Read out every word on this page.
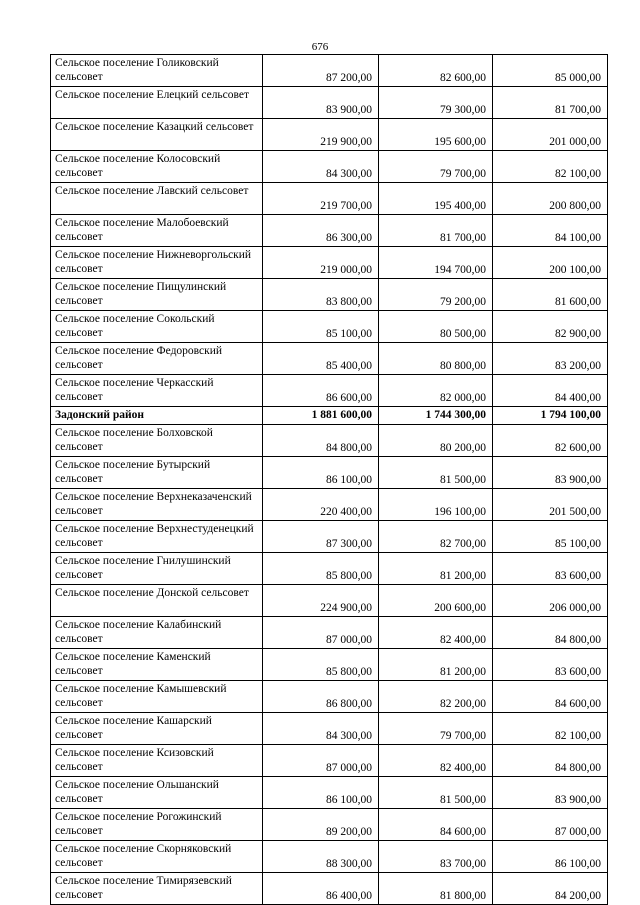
676
Сельское поселение Голиковский сельсовет	87 200,00	82 600,00	85 000,00
Сельское поселение Елецкий сельсовет	83 900,00	79 300,00	81 700,00
Сельское поселение Казацкий сельсовет	219 900,00	195 600,00	201 000,00
Сельское поселение Колосовский сельсовет	84 300,00	79 700,00	82 100,00
Сельское поселение Лавский сельсовет	219 700,00	195 400,00	200 800,00
Сельское поселение Малобоевский сельсовет	86 300,00	81 700,00	84 100,00
Сельское поселение Нижневоргольский сельсовет	219 000,00	194 700,00	200 100,00
Сельское поселение Пищулинский сельсовет	83 800,00	79 200,00	81 600,00
Сельское поселение Сокольский сельсовет	85 100,00	80 500,00	82 900,00
Сельское поселение Федоровский сельсовет	85 400,00	80 800,00	83 200,00
Сельское поселение Черкасский сельсовет	86 600,00	82 000,00	84 400,00
Задонский район	1 881 600,00	1 744 300,00	1 794 100,00
Сельское поселение Болховской сельсовет	84 800,00	80 200,00	82 600,00
Сельское поселение Бутырский сельсовет	86 100,00	81 500,00	83 900,00
Сельское поселение Верхнеказаченский сельсовет	220 400,00	196 100,00	201 500,00
Сельское поселение Верхнестуденецкий сельсовет	87 300,00	82 700,00	85 100,00
Сельское поселение Гнилушинский сельсовет	85 800,00	81 200,00	83 600,00
Сельское поселение Донской сельсовет	224 900,00	200 600,00	206 000,00
Сельское поселение Калабинский сельсовет	87 000,00	82 400,00	84 800,00
Сельское поселение Каменский сельсовет	85 800,00	81 200,00	83 600,00
Сельское поселение Камышевский сельсовет	86 800,00	82 200,00	84 600,00
Сельское поселение Кашарский сельсовет	84 300,00	79 700,00	82 100,00
Сельское поселение Ксизовский сельсовет	87 000,00	82 400,00	84 800,00
Сельское поселение Ольшанский сельсовет	86 100,00	81 500,00	83 900,00
Сельское поселение Рогожинский сельсовет	89 200,00	84 600,00	87 000,00
Сельское поселение Скорняковский сельсовет	88 300,00	83 700,00	86 100,00
Сельское поселение Тимирязевский сельсовет	86 400,00	81 800,00	84 200,00
